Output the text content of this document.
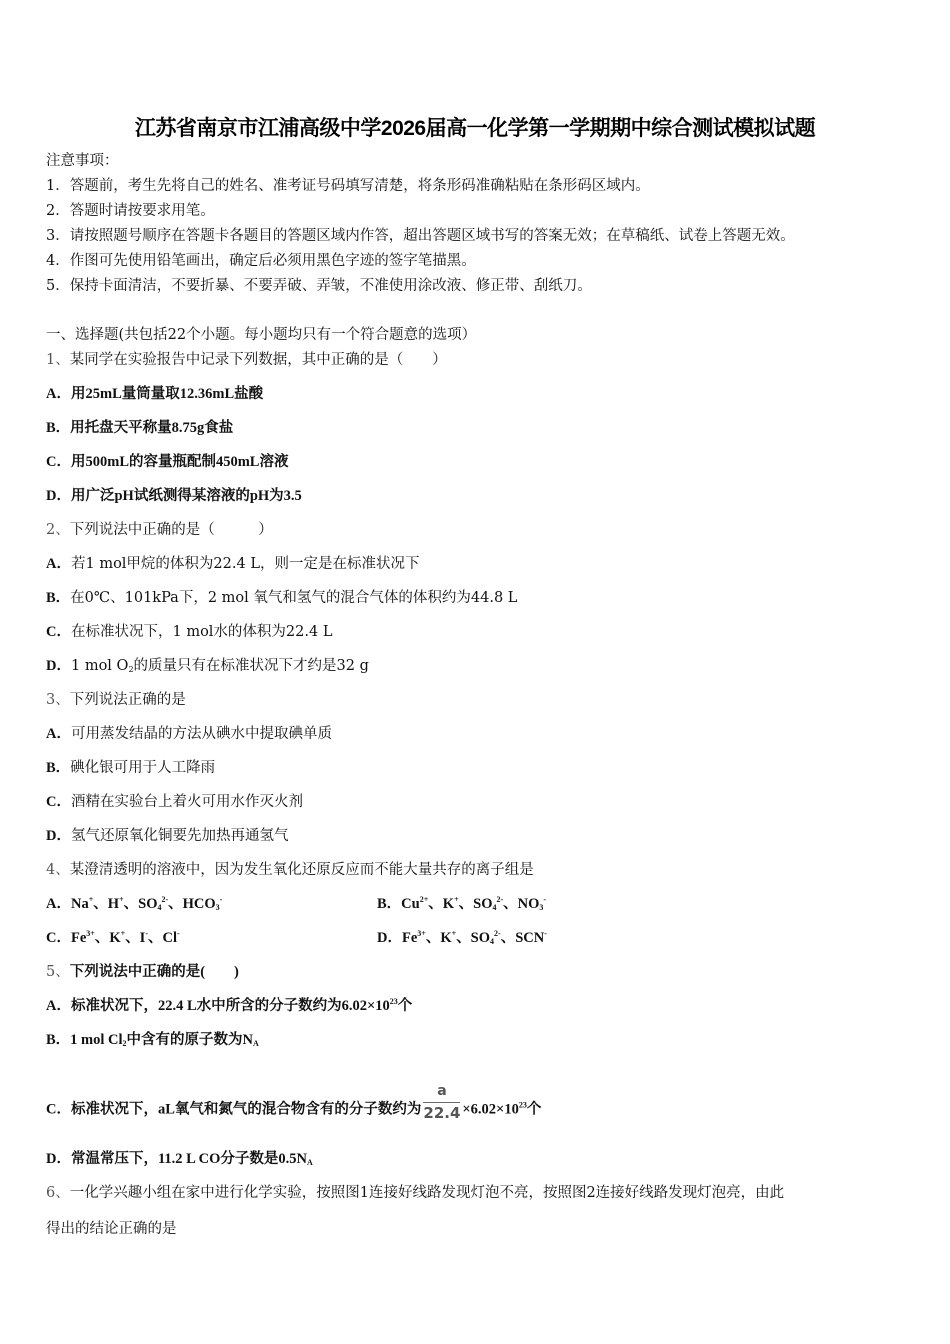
江苏省南京市江浦高级中学2026届高一化学第一学期期中综合测试模拟试题
注意事项：
1．答题前，考生先将自己的姓名、准考证号码填写清楚，将条形码准确粘贴在条形码区域内。
2．答题时请按要求用笔。
3．请按照题号顺序在答题卡各题目的答题区域内作答，超出答题区域书写的答案无效；在草稿纸、试卷上答题无效。
4．作图可先使用铅笔画出，确定后必须用黑色字迹的签字笔描黑。
5．保持卡面清洁，不要折暴、不要弄破、弄皱，不准使用涂改液、修正带、刮纸刀。
一、选择题(共包括22个小题。每小题均只有一个符合题意的选项）
1、某同学在实验报告中记录下列数据，其中正确的是（　　）
A．用25mL量筒量取12.36mL盐酸
B．用托盘天平称量8.75g食盐
C．用500mL的容量瓶配制450mL溶液
D．用广泛pH试纸测得某溶液的pH为3.5
2、下列说法中正确的是（　　　）
A．若1 mol甲烷的体积为22.4 L，则一定是在标准状况下
B．在0℃、101kPa下，2 mol 氧气和氢气的混合气体的体积约为44.8 L
C．在标准状况下，1 mol水的体积为22.4 L
D．1 mol $O_2$的质量只有在标准状况下才约是32 g
3、下列说法正确的是
A．可用蒸发结晶的方法从碘水中提取碘单质
B．碘化银可用于人工降雨
C．酒精在实验台上着火可用水作灭火剂
D．氢气还原氧化铜要先加热再通氢气
4、某澄清透明的溶液中，因为发生氧化还原反应而不能大量共存的离子组是
A．Na+、H+、$SO_4^{2-}$、$HCO_3^-$	B．$Cu^{2+}$、K+、$SO_4^{2-}$、$NO_3^-$
C．$Fe^{3+}$、K+、I-、Cl-	D．$Fe^{3+}$、K+、$SO_4^{2-}$、SCN-
5、下列说法中正确的是(　　)
A．标准状况下，22.4 L水中所含的分子数约为$6.02\times 10^{23}$个
B．1 mol $Cl_2$中含有的原子数为$N_A$
C．标准状况下，aL氧气和氮气的混合物含有的分子数约为 $\frac{a}{22.4} \times 6.02\times 10^{23}$个
D．常温常压下，11.2 L CO分子数是$0.5N_A$
6、一化学兴趣小组在家中进行化学实验，按照图1连接好线路发现灯泡不亮，按照图2连接好线路发现灯泡亮，由此
得出的结论正确的是
